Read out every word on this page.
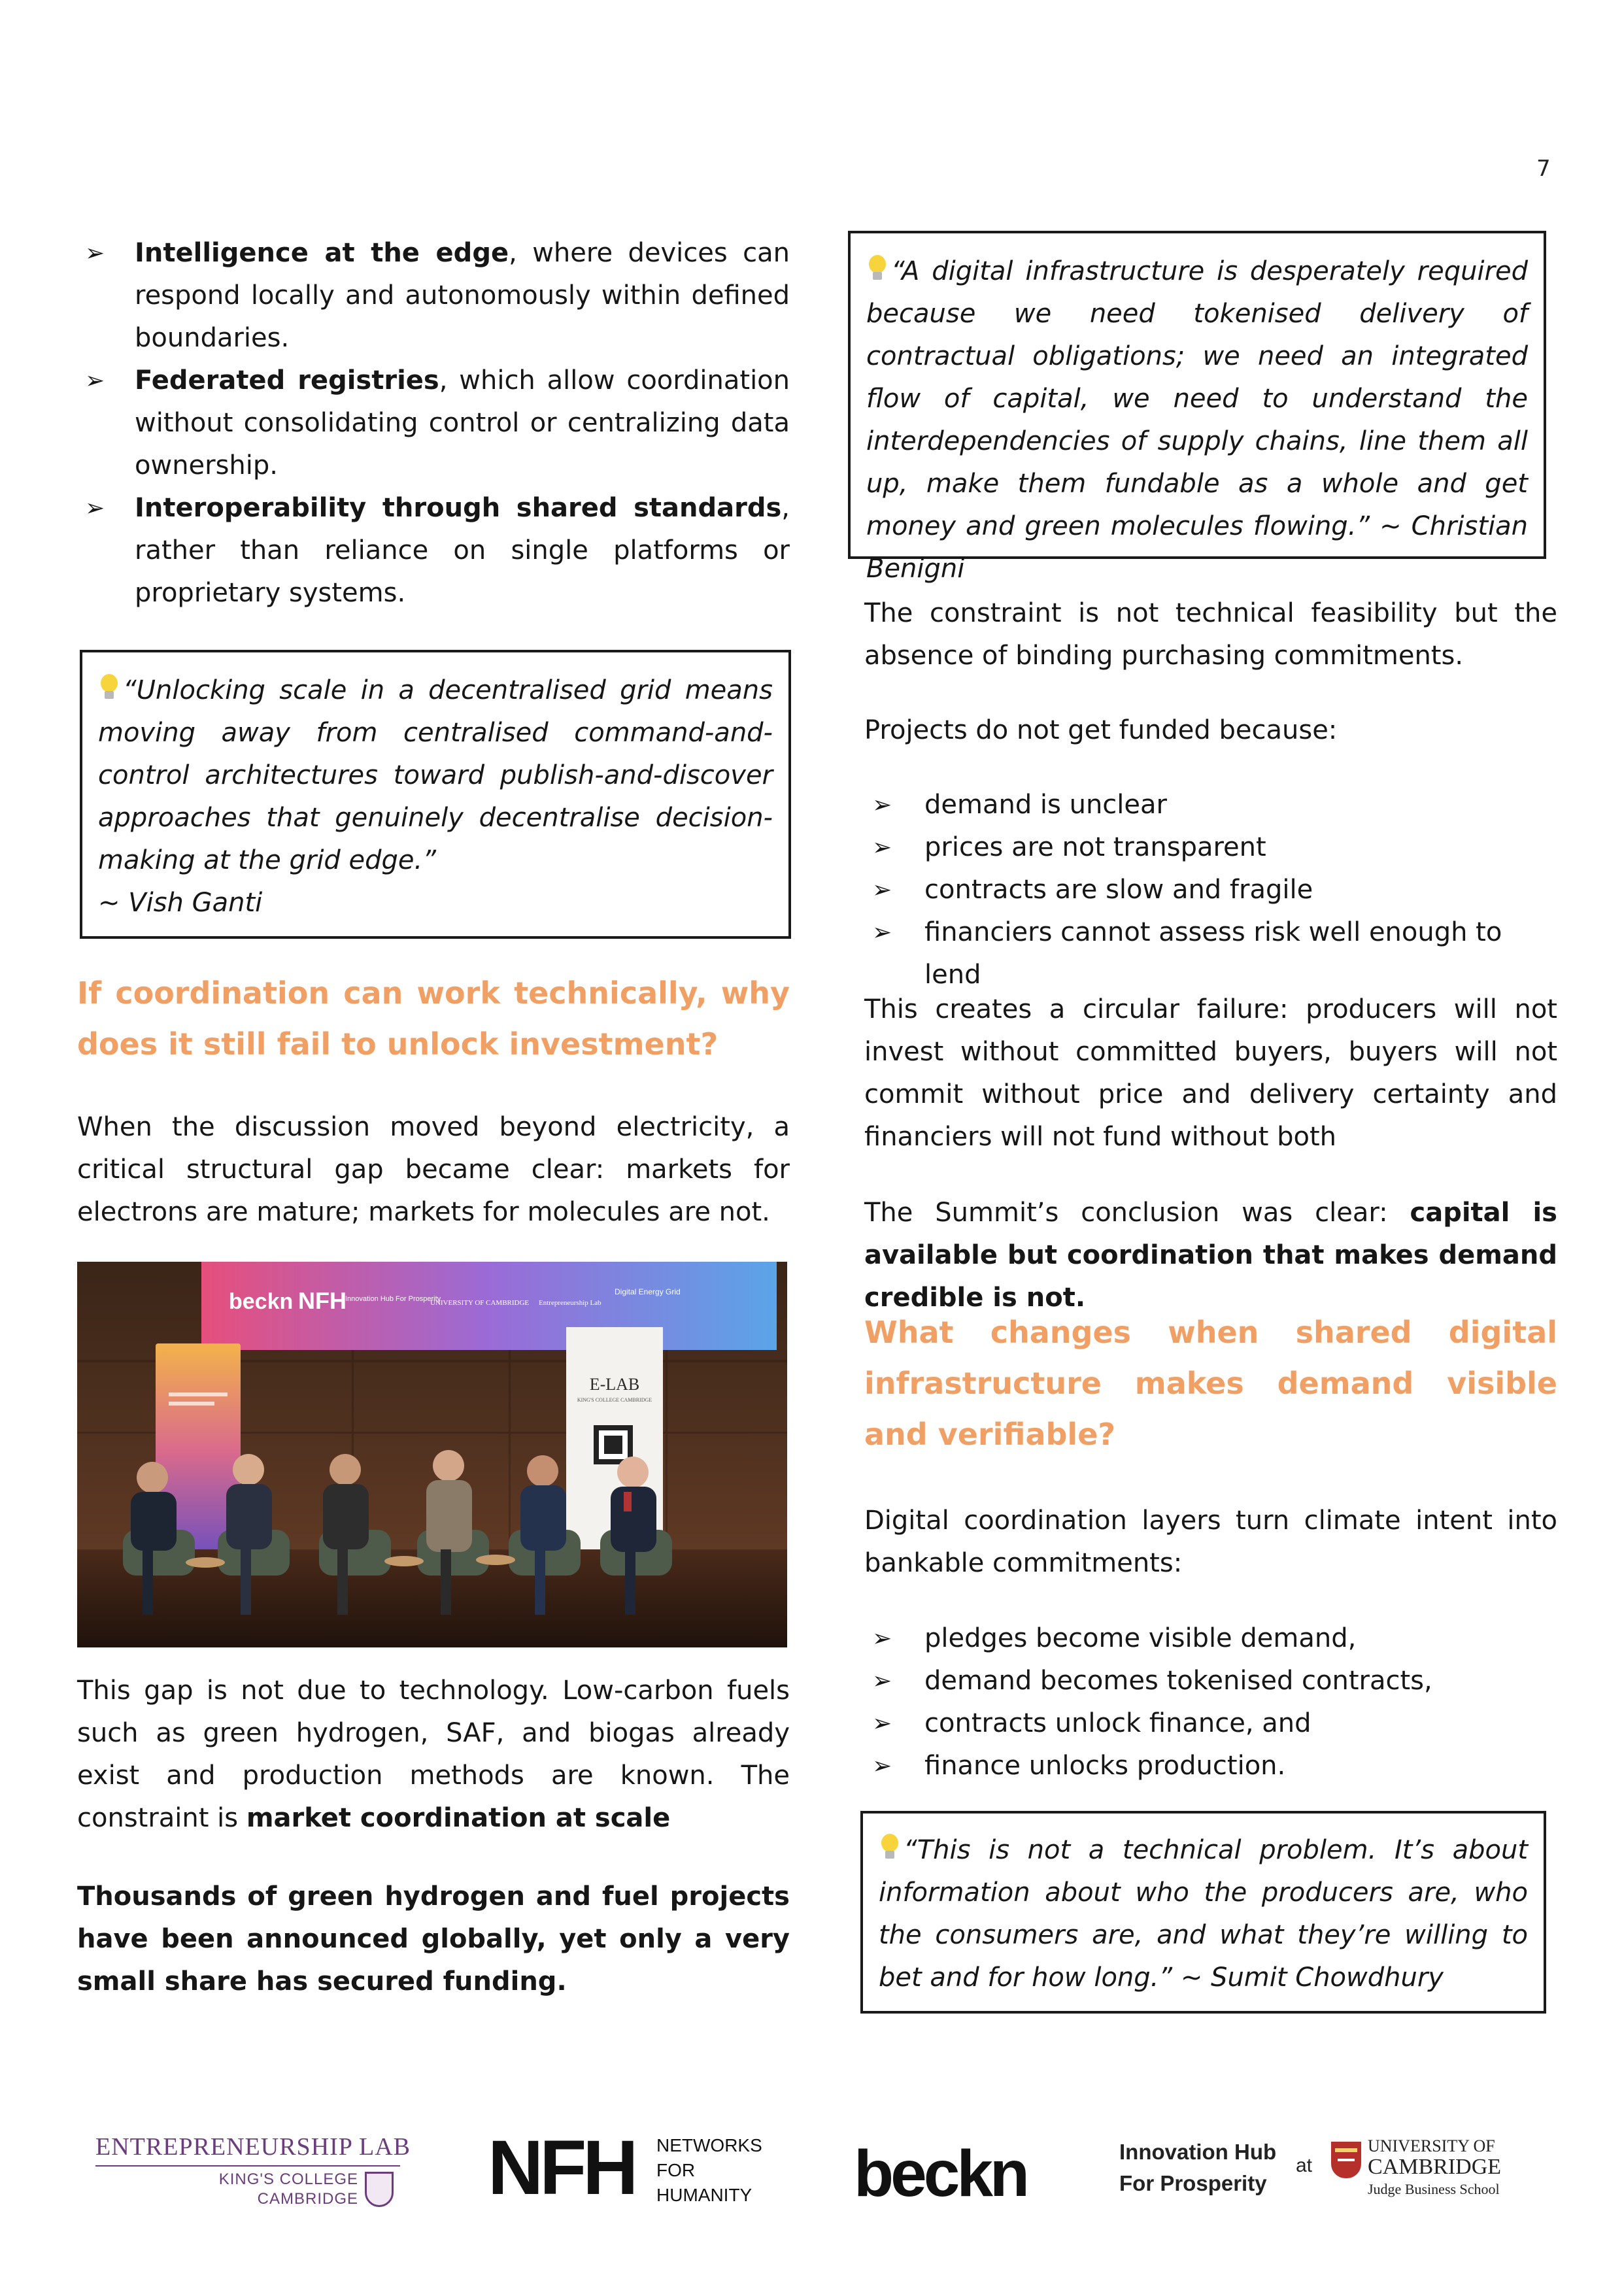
7
➢ Intelligence at the edge, where devices can respond locally and autonomously within defined boundaries.
➢ Federated registries, which allow coordination without consolidating control or centralizing data ownership.
➢ Interoperability through shared standards, rather than reliance on single platforms or proprietary systems.
“Unlocking scale in a decentralised grid means moving away from centralised command-and-control architectures toward publish-and-discover approaches that genuinely decentralise decision-making at the grid edge.”
~ Vish Ganti
If coordination can work technically, why does it still fail to unlock investment?
When the discussion moved beyond electricity, a critical structural gap became clear: markets for electrons are mature; markets for molecules are not.
beckn NFH
Innovation Hub For Prosperity
UNIVERSITY OF CAMBRIDGE Entrepreneurship Lab
Digital Energy Grid
E-LAB
KING'S COLLEGE CAMBRIDGE
This gap is not due to technology. Low-carbon fuels such as green hydrogen, SAF, and biogas already exist and production methods are known. The constraint is market coordination at scale
Thousands of green hydrogen and fuel projects have been announced globally, yet only a very small share has secured funding.
“A digital infrastructure is desperately required because we need tokenised delivery of contractual obligations; we need an integrated flow of capital, we need to understand the interdependencies of supply chains, line them all up, make them fundable as a whole and get money and green molecules flowing.” ~ Christian Benigni
The constraint is not technical feasibility but the absence of binding purchasing commitments.
Projects do not get funded because:
➢ demand is unclear
➢ prices are not transparent
➢ contracts are slow and fragile
➢ financiers cannot assess risk well enough to lend
This creates a circular failure: producers will not invest without committed buyers, buyers will not commit without price and delivery certainty and financiers will not fund without both
The Summit’s conclusion was clear: capital is available but coordination that makes demand credible is not.
What changes when shared digital infrastructure makes demand visible and verifiable?
Digital coordination layers turn climate intent into bankable commitments:
➢ pledges become visible demand,
➢ demand becomes tokenised contracts,
➢ contracts unlock finance, and
➢ finance unlocks production.
“This is not a technical problem. It’s about information about who the producers are, who the consumers are, and what they’re willing to bet and for how long.” ~ Sumit Chowdhury
ENTREPRENEURSHIP LAB
KING'S COLLEGE
CAMBRIDGE NFH NETWORKS
FOR
HUMANITY beckn	Innovation Hub
For Prosperity
at
UNIVERSITY OF
CAMBRIDGE
Judge Business School
